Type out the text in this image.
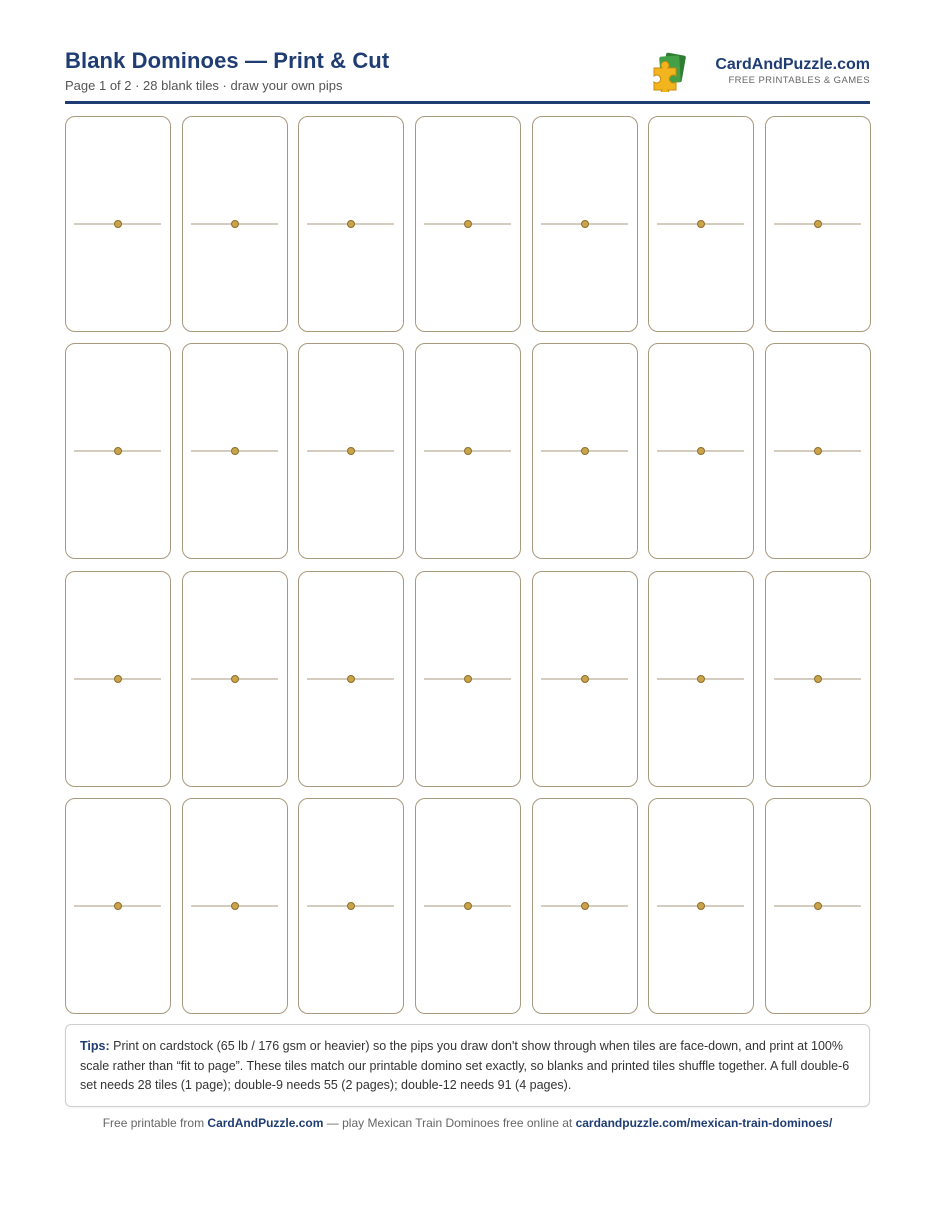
Blank Dominoes — Print & Cut
Page 1 of 2 · 28 blank tiles · draw your own pips
CardAndPuzzle.com
FREE PRINTABLES & GAMES
Tips: Print on cardstock (65 lb / 176 gsm or heavier) so the pips you draw don't show through when tiles are face-down, and print at 100% scale rather than “fit to page”. These tiles match our printable domino set exactly, so blanks and printed tiles shuffle together. A full double-6 set needs 28 tiles (1 page); double-9 needs 55 (2 pages); double-12 needs 91 (4 pages).
Free printable from CardAndPuzzle.com — play Mexican Train Dominoes free online at cardandpuzzle.com/mexican-train-dominoes/
